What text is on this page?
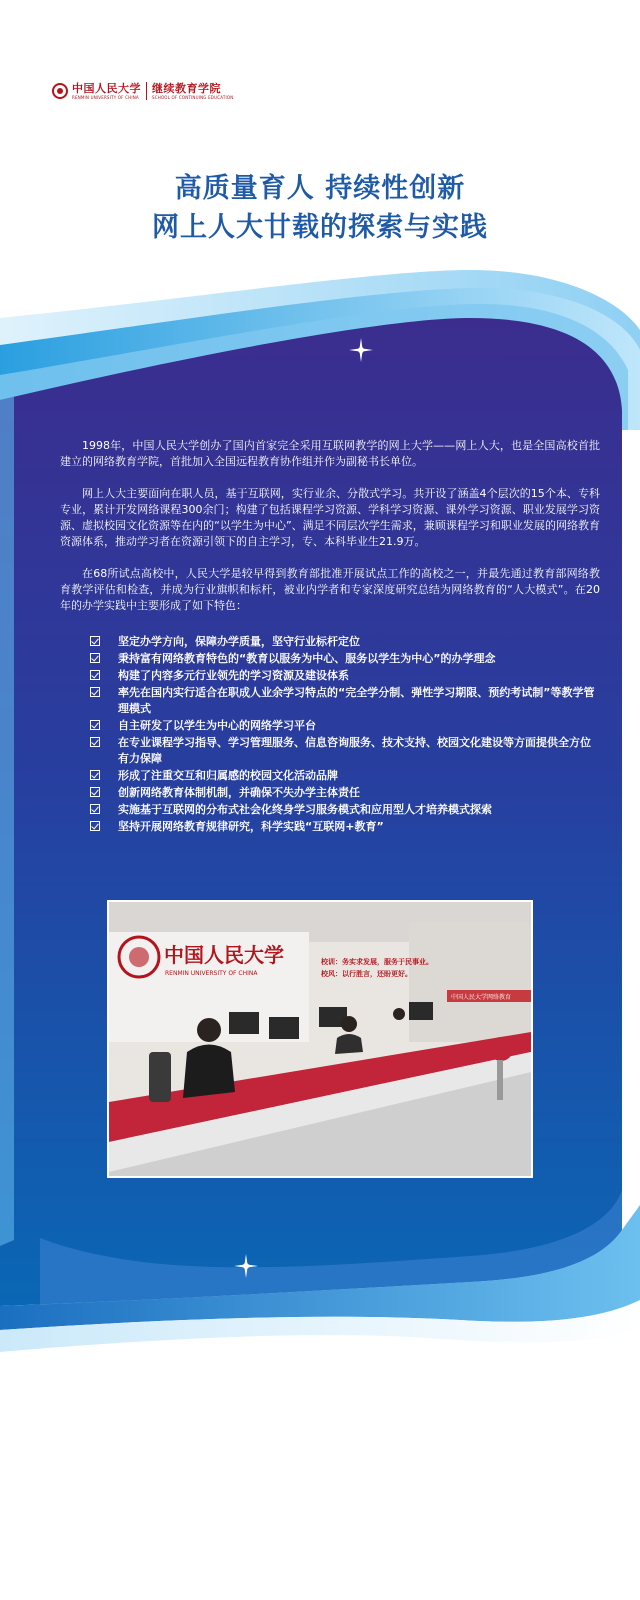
中国人民大学
RENMIN UNIVERSITY OF CHINA
继续教育学院
SCHOOL OF CONTINUING EDUCATION
高质量育人 持续性创新
网上人大廿载的探索与实践

1998年，中国人民大学创办了国内首家完全采用互联网教学的网上大学——网上人大，也是全国高校首批建立的网络教育学院，首批加入全国远程教育协作组并作为副秘书长单位。

网上人大主要面向在职人员，基于互联网，实行业余、分散式学习。共开设了涵盖4个层次的15个本、专科专业，累计开发网络课程300余门；构建了包括课程学习资源、学科学习资源、课外学习资源、职业发展学习资源、虚拟校园文化资源等在内的“以学生为中心”、满足不同层次学生需求，兼顾课程学习和职业发展的网络教育资源体系，推动学习者在资源引领下的自主学习，专、本科毕业生21.9万。

在68所试点高校中，人民大学是较早得到教育部批准开展试点工作的高校之一，并最先通过教育部网络教育教学评估和检查，并成为行业旗帜和标杆，被业内学者和专家深度研究总结为网络教育的“人大模式”。在20年的办学实践中主要形成了如下特色：

坚定办学方向，保障办学质量，坚守行业标杆定位
秉持富有网络教育特色的“教育以服务为中心、服务以学生为中心”的办学理念
构建了内容多元行业领先的学习资源及建设体系
率先在国内实行适合在职成人业余学习特点的“完全学分制、弹性学习期限、预约考试制”等教学管理模式
自主研发了以学生为中心的网络学习平台
在专业课程学习指导、学习管理服务、信息咨询服务、技术支持、校园文化建设等方面提供全方位有力保障
形成了注重交互和归属感的校园文化活动品牌
创新网络教育体制机制，并确保不失办学主体责任
实施基于互联网的分布式社会化终身学习服务模式和应用型人才培养模式探索
坚持开展网络教育规律研究，科学实践“互联网+教育”
中国人民大学
RENMIN UNIVERSITY OF CHINA
校训：务实求发展，服务于民事业。
校风：以行胜言，还盼更好。
中国人民大学网络教育
